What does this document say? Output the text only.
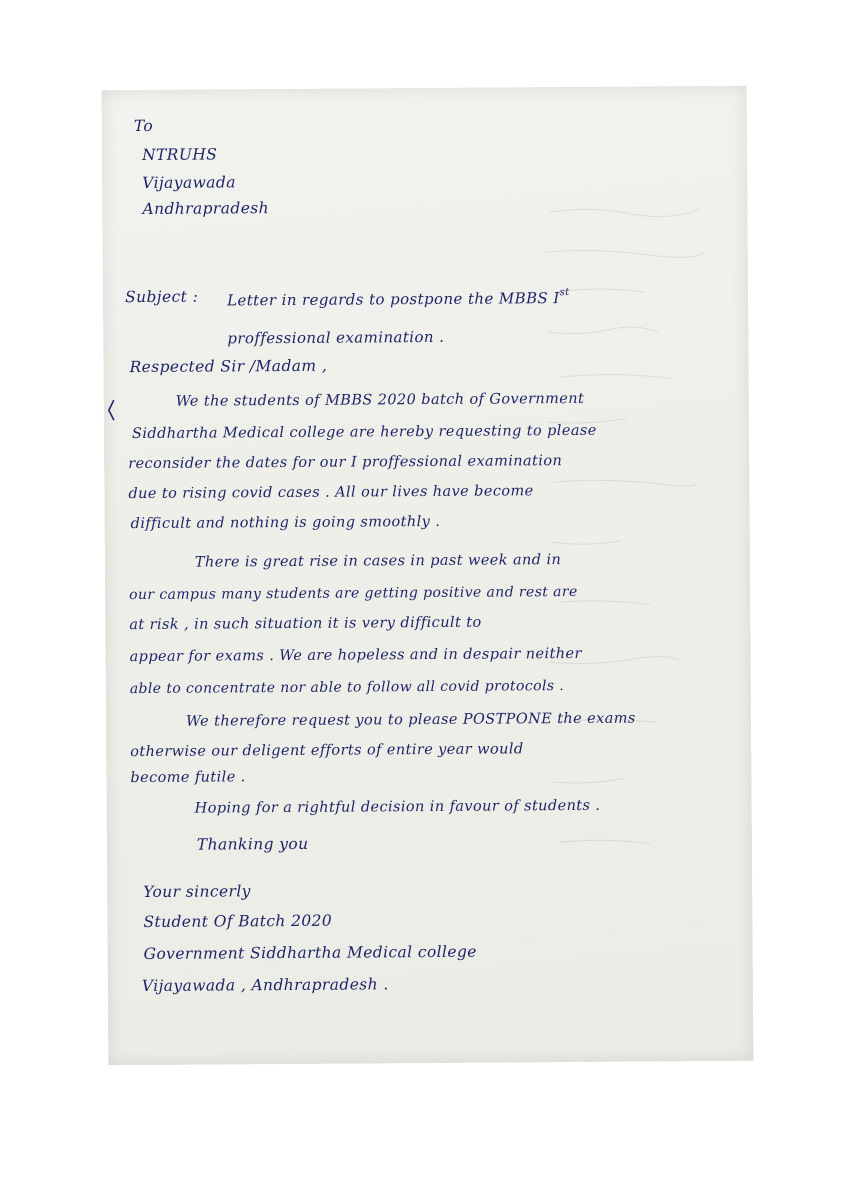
To
NTRUHS
Vijayawada
Andhrapradesh
Subject : Letter in regards to postpone the MBBS Ist
proffessional examination .
Respected Sir /Madam ,
We the students of MBBS 2020 batch of Government
Siddhartha Medical college are hereby requesting to please
reconsider the dates for our I proffessional examination
due to rising covid cases . All our lives have become
difficult and nothing is going smoothly .
There is great rise in cases in past week and in
our campus many students are getting positive and rest are
at risk , in such situation it is very difficult to
appear for exams . We are hopeless and in despair neither
able to concentrate nor able to follow all covid protocols .
We therefore request you to please POSTPONE the exams
otherwise our deligent efforts of entire year would
become futile .
Hoping for a rightful decision in favour of students .
Thanking you
Your sincerly
Student Of Batch 2020
Government Siddhartha Medical college
Vijayawada , Andhrapradesh .
